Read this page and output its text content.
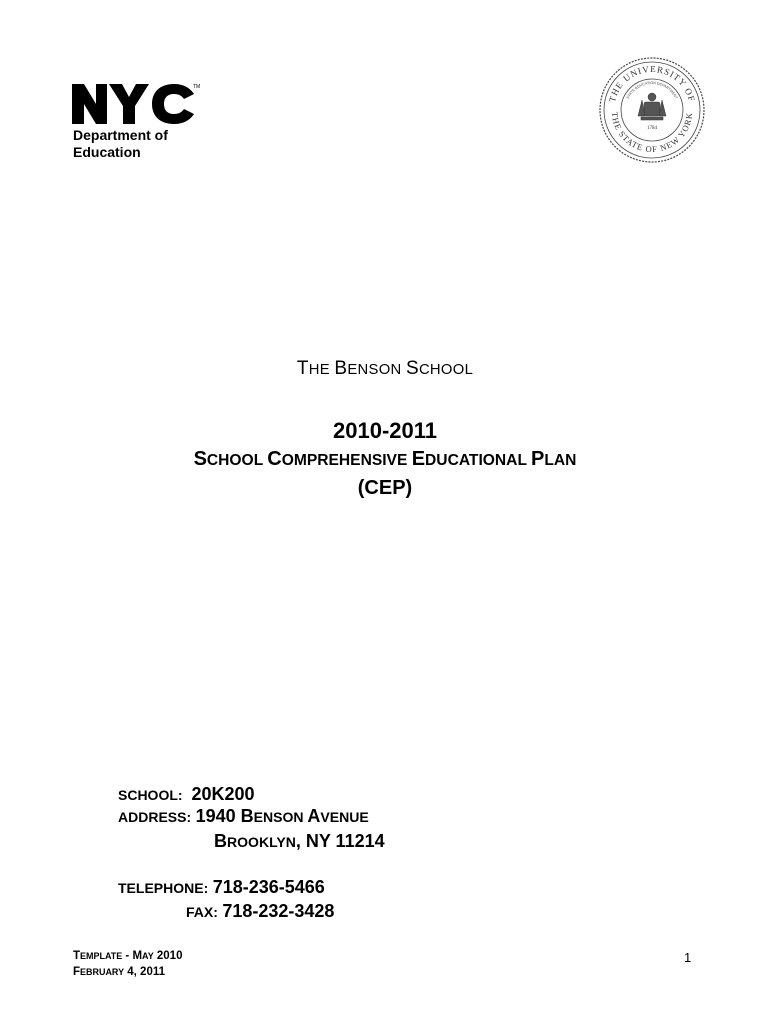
TM
NYC
Department of
Education
THE UNIVERSITY OF
THE STATE OF NEW YORK
STATE EDUCATION DEPARTMENT
1784
THE BENSON SCHOOL
2010-2011
SCHOOL COMPREHENSIVE EDUCATIONAL PLAN
(CEP)
SCHOOL: 20K200
ADDRESS: 1940 BENSON AVENUE
BROOKLYN, NY 11214
TELEPHONE: 718-236-5466
FAX: 718-232-3428
TEMPLATE - MAY 2010
FEBRUARY 4, 2011
1
